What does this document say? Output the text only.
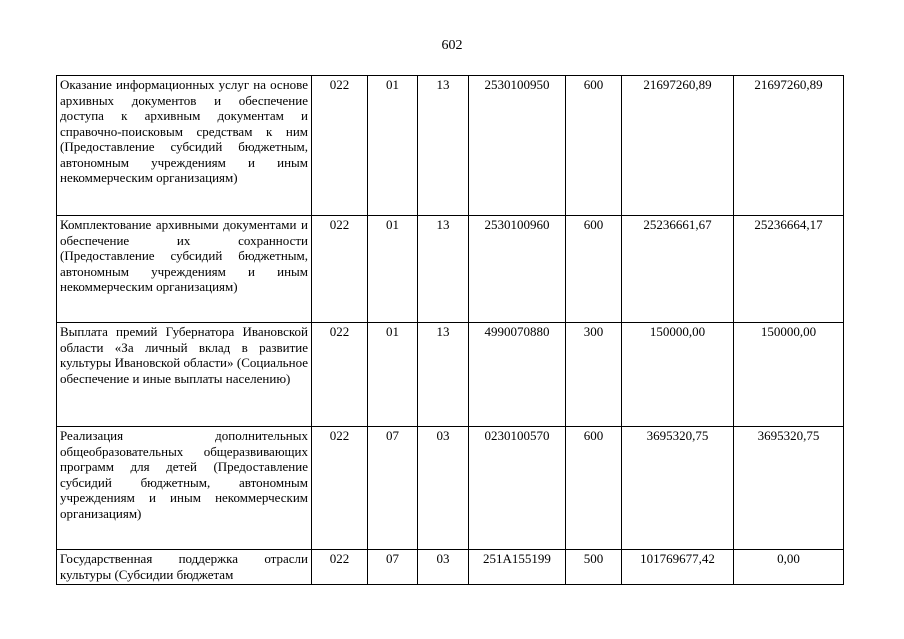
602
Оказание информационных услуг на основе архивных документов и обеспечение доступа к архивным документам и справочно-поисковым средствам к ним (Предоставление субсидий бюджетным, автономным учреждениям и иным некоммерческим организациям)	022	01	13	2530100950	600	21697260,89	21697260,89
Комплектование архивными документами и обеспечение их сохранности (Предоставление субсидий бюджетным, автономным учреждениям и иным некоммерческим организациям)	022	01	13	2530100960	600	25236661,67	25236664,17
Выплата премий Губернатора Ивановской области «За личный вклад в развитие культуры Ивановской области» (Социальное обеспечение и иные выплаты населению)	022	01	13	4990070880	300	150000,00	150000,00
Реализация дополнительных общеобразовательных общеразвивающих программ для детей (Предоставление субсидий бюджетным, автономным учреждениям и иным некоммерческим организациям)	022	07	03	0230100570	600	3695320,75	3695320,75
Государственная поддержка отрасли культуры (Субсидии бюджетам	022	07	03	251A155199	500	101769677,42	0,00
